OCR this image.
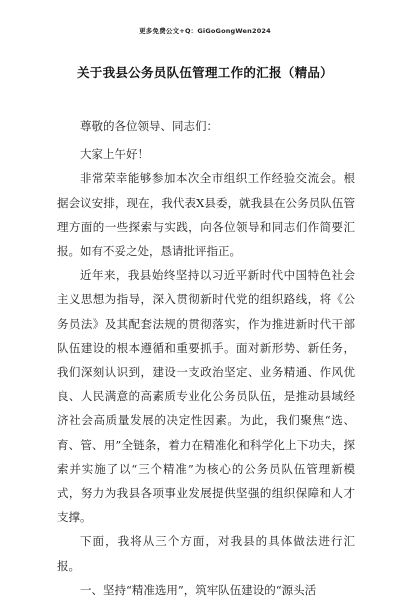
更多免费公文+Q：GiGoGongWen2024
关于我县公务员队伍管理工作的汇报（精品）

尊敬的各位领导、同志们：

大家上午好！

非常荣幸能够参加本次全市组织工作经验交流会。根据会议安排，现在，我代表X县委，就我县在公务员队伍管理方面的一些探索与实践，向各位领导和同志们作简要汇报。如有不妥之处，恳请批评指正。

近年来，我县始终坚持以习近平新时代中国特色社会主义思想为指导，深入贯彻新时代党的组织路线，将《公务员法》及其配套法规的贯彻落实，作为推进新时代干部队伍建设的根本遵循和重要抓手。面对新形势、新任务，我们深刻认识到，建设一支政治坚定、业务精通、作风优良、人民满意的高素质专业化公务员队伍，是推动县域经济社会高质量发展的决定性因素。为此，我们聚焦“选、育、管、用”全链条，着力在精准化和科学化上下功夫，探索并实施了以“三个精准”为核心的公务员队伍管理新模式，努力为我县各项事业发展提供坚强的组织保障和人才支撑。

下面，我将从三个方面，对我县的具体做法进行汇报。

一、坚持“精准选用”，筑牢队伍建设的“源头活
